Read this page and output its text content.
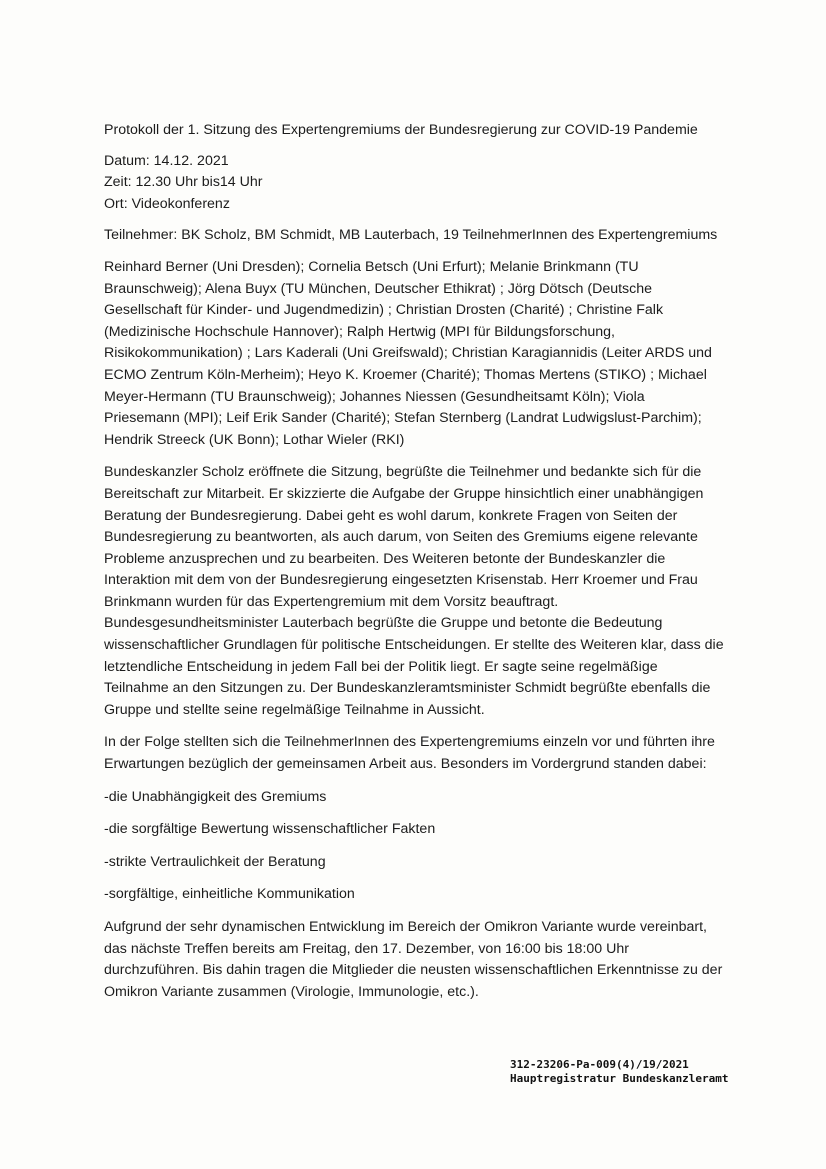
Protokoll der 1. Sitzung des Expertengremiums der Bundesregierung zur COVID-19 Pandemie
Datum: 14.12. 2021
Zeit: 12.30 Uhr bis14 Uhr
Ort: Videokonferenz

Teilnehmer: BK Scholz, BM Schmidt, MB Lauterbach, 19 TeilnehmerInnen des Expertengremiums

Reinhard Berner (Uni Dresden); Cornelia Betsch (Uni Erfurt); Melanie Brinkmann (TU Braunschweig); Alena Buyx (TU München, Deutscher Ethikrat) ; Jörg Dötsch (Deutsche Gesellschaft für Kinder- und Jugendmedizin) ; Christian Drosten (Charité) ; Christine Falk (Medizinische Hochschule Hannover); Ralph Hertwig (MPI für Bildungsforschung, Risikokommunikation) ; Lars Kaderali (Uni Greifswald); Christian Karagiannidis (Leiter ARDS und ECMO Zentrum Köln-Merheim); Heyo K. Kroemer (Charité); Thomas Mertens (STIKO) ; Michael Meyer-Hermann (TU Braunschweig); Johannes Niessen (Gesundheitsamt Köln); Viola Priesemann (MPI); Leif Erik Sander (Charité); Stefan Sternberg (Landrat Ludwigslust-Parchim); Hendrik Streeck (UK Bonn); Lothar Wieler (RKI)

Bundeskanzler Scholz eröffnete die Sitzung, begrüßte die Teilnehmer und bedankte sich für die Bereitschaft zur Mitarbeit. Er skizzierte die Aufgabe der Gruppe hinsichtlich einer unabhängigen Beratung der Bundesregierung. Dabei geht es wohl darum, konkrete Fragen von Seiten der Bundesregierung zu beantworten, als auch darum, von Seiten des Gremiums eigene relevante Probleme anzusprechen und zu bearbeiten. Des Weiteren betonte der Bundeskanzler die Interaktion mit dem von der Bundesregierung eingesetzten Krisenstab. Herr Kroemer und Frau Brinkmann wurden für das Expertengremium mit dem Vorsitz beauftragt. Bundesgesundheitsminister Lauterbach begrüßte die Gruppe und betonte die Bedeutung wissenschaftlicher Grundlagen für politische Entscheidungen. Er stellte des Weiteren klar, dass die letztendliche Entscheidung in jedem Fall bei der Politik liegt. Er sagte seine regelmäßige Teilnahme an den Sitzungen zu. Der Bundeskanzleramtsminister Schmidt begrüßte ebenfalls die Gruppe und stellte seine regelmäßige Teilnahme in Aussicht.

In der Folge stellten sich die TeilnehmerInnen des Expertengremiums einzeln vor und führten ihre Erwartungen bezüglich der gemeinsamen Arbeit aus. Besonders im Vordergrund standen dabei:

-die Unabhängigkeit des Gremiums
-die sorgfältige Bewertung wissenschaftlicher Fakten
-strikte Vertraulichkeit der Beratung
-sorgfältige, einheitliche Kommunikation

Aufgrund der sehr dynamischen Entwicklung im Bereich der Omikron Variante wurde vereinbart, das nächste Treffen bereits am Freitag, den 17. Dezember, von 16:00 bis 18:00 Uhr durchzuführen. Bis dahin tragen die Mitglieder die neusten wissenschaftlichen Erkenntnisse zu der Omikron Variante zusammen (Virologie, Immunologie, etc.).

312-23206-Pa-009(4)/19/2021
Hauptregistratur Bundeskanzleramt
